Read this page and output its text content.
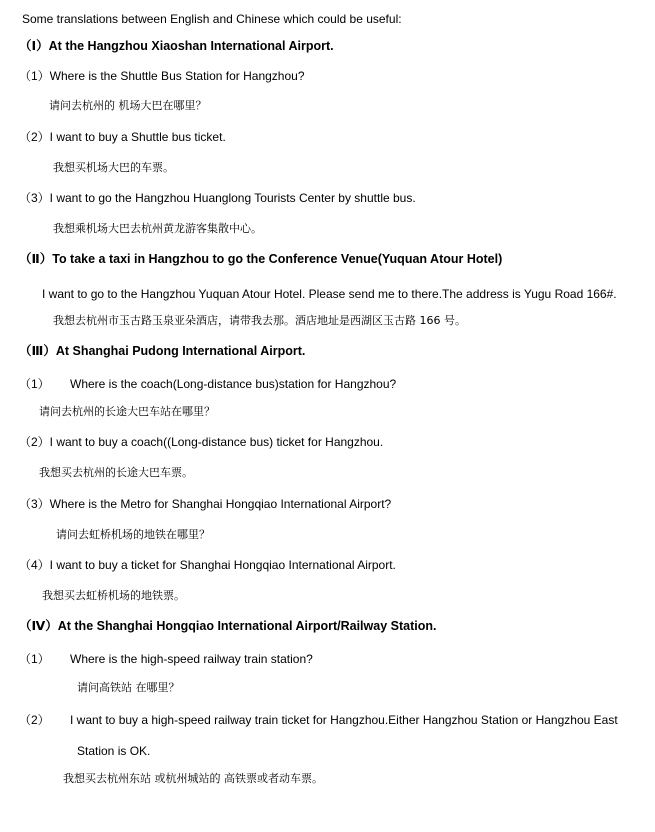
Some translations between English and Chinese which could be useful:
（Ⅰ）At the Hangzhou Xiaoshan International Airport.
（1）Where is the Shuttle Bus Station for Hangzhou?
请问去杭州的 机场大巴在哪里？
（2）I want to buy a Shuttle bus ticket.
我想买机场大巴的车票。
（3）I want to go the Hangzhou Huanglong Tourists Center by shuttle bus.
我想乘机场大巴去杭州黄龙游客集散中心。
（Ⅱ）To take a taxi in Hangzhou to go the Conference Venue(Yuquan Atour Hotel)
I want to go to the Hangzhou Yuquan Atour Hotel. Please send me to there.The address is Yugu Road 166#.
我想去杭州市玉古路玉泉亚朵酒店，请带我去那。酒店地址是西湖区玉古路 166 号。
（Ⅲ）At Shanghai Pudong International Airport.
（1） Where is the coach(Long-distance bus)station for Hangzhou?
请问去杭州的长途大巴车站在哪里？
（2）I want to buy a coach((Long-distance bus) ticket for Hangzhou.
我想买去杭州的长途大巴车票。
（3）Where is the Metro for Shanghai Hongqiao International Airport?
请问去虹桥机场的地铁在哪里？
（4）I want to buy a ticket for Shanghai Hongqiao International Airport.
我想买去虹桥机场的地铁票。
（Ⅳ）At the Shanghai Hongqiao International Airport/Railway Station.
（1） Where is the high-speed railway train station?
请问高铁站 在哪里？
（2） I want to buy a high-speed railway train ticket for Hangzhou.Either Hangzhou Station or Hangzhou East
Station is OK.
我想买去杭州东站 或杭州城站的 高铁票或者动车票。
